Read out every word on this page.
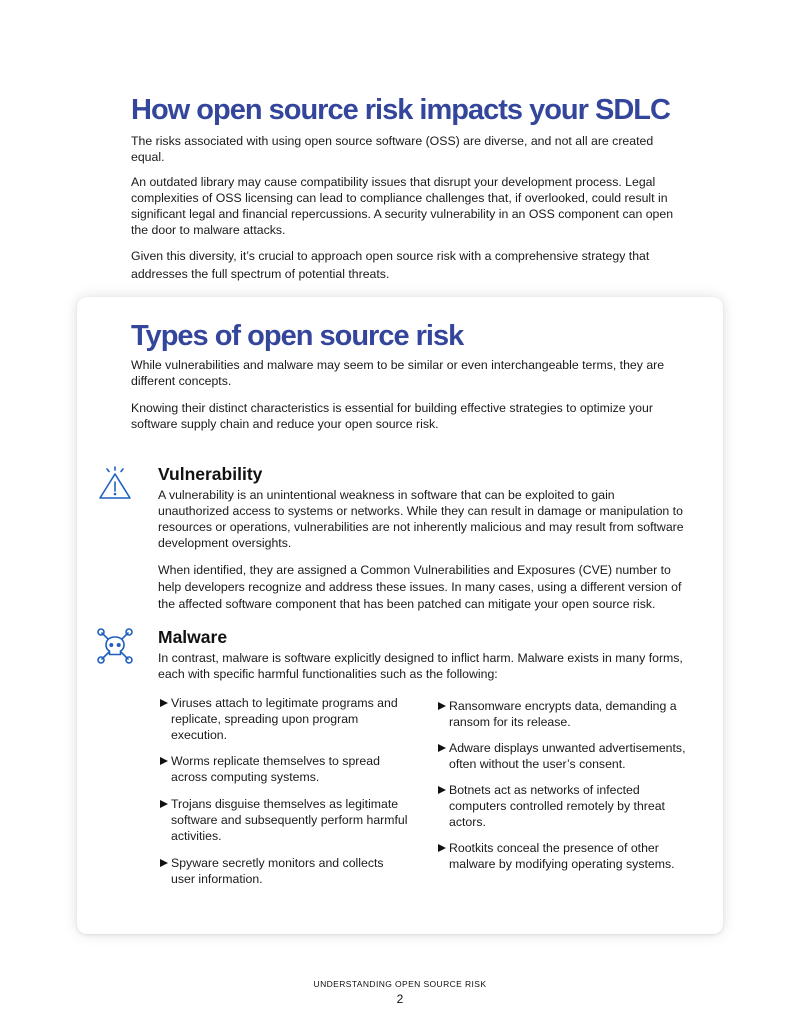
How open source risk impacts your SDLC

The risks associated with using open source software (OSS) are diverse, and not all are created equal.

An outdated library may cause compatibility issues that disrupt your development process. Legal complexities of OSS licensing can lead to compliance challenges that, if overlooked, could result in significant legal and financial repercussions. A security vulnerability in an OSS component can open the door to malware attacks.

Given this diversity, it’s crucial to approach open source risk with a comprehensive strategy that addresses the full spectrum of potential threats.

Types of open source risk

While vulnerabilities and malware may seem to be similar or even interchangeable terms, they are different concepts.

Knowing their distinct characteristics is essential for building effective strategies to optimize your software supply chain and reduce your open source risk.

Vulnerability

A vulnerability is an unintentional weakness in software that can be exploited to gain unauthorized access to systems or networks. While they can result in damage or manipulation to resources or operations, vulnerabilities are not inherently malicious and may result from software development oversights.

When identified, they are assigned a Common Vulnerabilities and Exposures (CVE) number to help developers recognize and address these issues. In many cases, using a different version of the affected software component that has been patched can mitigate your open source risk.

Malware

In contrast, malware is software explicitly designed to inflict harm. Malware exists in many forms, each with specific harmful functionalities such as the following:

Viruses attach to legitimate programs and replicate, spreading upon program execution.
Worms replicate themselves to spread across computing systems.
Trojans disguise themselves as legitimate software and subsequently perform harmful activities.
Spyware secretly monitors and collects user information.
Ransomware encrypts data, demanding a ransom for its release.
Adware displays unwanted advertisements, often without the user’s consent.
Botnets act as networks of infected computers controlled remotely by threat actors.
Rootkits conceal the presence of other malware by modifying operating systems.
UNDERSTANDING OPEN SOURCE RISK
2
